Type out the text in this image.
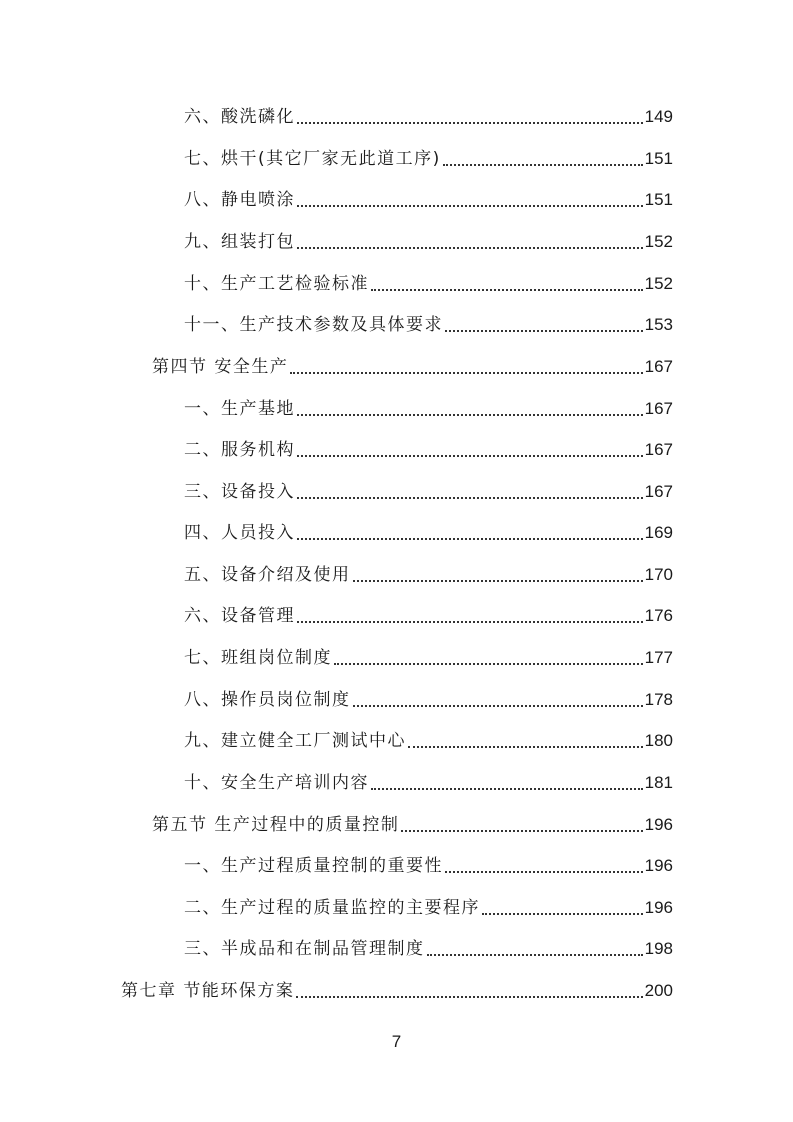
六、酸洗磷化	149
七、烘干(其它厂家无此道工序)	151
八、静电喷涂	151
九、组装打包	152
十、生产工艺检验标准	152
十一、生产技术参数及具体要求	153
第四节 安全生产	167
一、生产基地	167
二、服务机构	167
三、设备投入	167
四、人员投入	169
五、设备介绍及使用	170
六、设备管理	176
七、班组岗位制度	177
八、操作员岗位制度	178
九、建立健全工厂测试中心	180
十、安全生产培训内容	181
第五节 生产过程中的质量控制	196
一、生产过程质量控制的重要性	196
二、生产过程的质量监控的主要程序	196
三、半成品和在制品管理制度	198
第七章 节能环保方案	200
7
